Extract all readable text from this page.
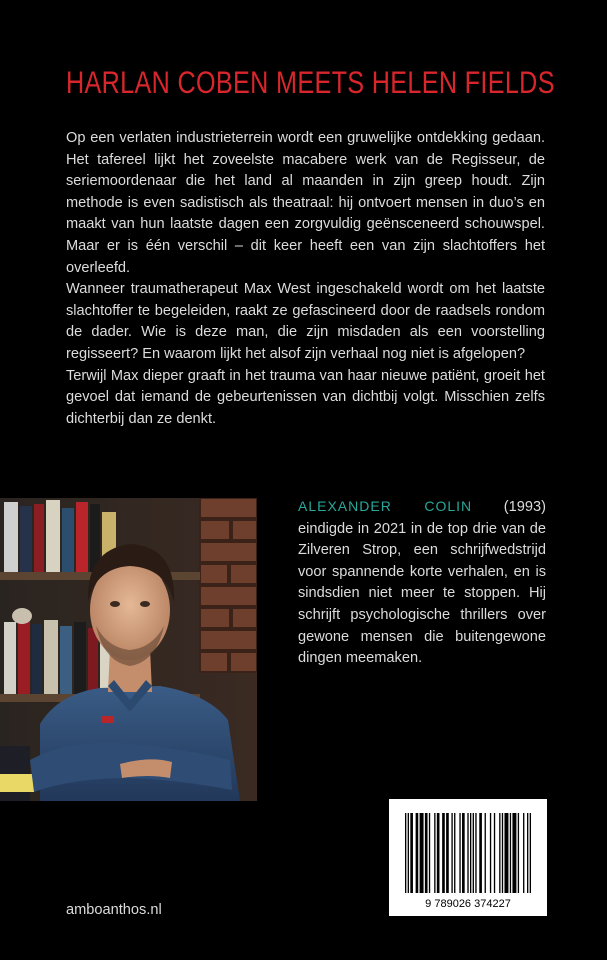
HARLAN COBEN MEETS HELEN FIELDS

Op een verlaten industrieterrein wordt een gruwelijke ontdekking gedaan. Het tafereel lijkt het zoveelste macabere werk van de Regisseur, de seriemoordenaar die het land al maanden in zijn greep houdt. Zijn methode is even sadistisch als theatraal: hij ontvoert mensen in duo’s en maakt van hun laatste dagen een zorgvuldig geënsceneerd schouwspel. Maar er is één verschil – dit keer heeft een van zijn slachtoffers het overleefd.

Wanneer traumatherapeut Max West ingeschakeld wordt om het laatste slachtoffer te begeleiden, raakt ze gefascineerd door de raadsels rondom de dader. Wie is deze man, die zijn misdaden als een voorstelling regisseert? En waarom lijkt het alsof zijn verhaal nog niet is afgelopen?

Terwijl Max dieper graaft in het trauma van haar nieuwe patiënt, groeit het gevoel dat iemand de gebeurtenissen van dichtbij volgt. Misschien zelfs dichterbij dan ze denkt.

ALEXANDER COLIN (1993) eindigde in 2021 in de top drie van de Zilveren Strop, een schrijfwedstrijd voor spannende korte verhalen, en is sindsdien niet meer te stoppen. Hij schrijft psychologische thrillers over gewone mensen die buitengewone dingen meemaken.
9 789026 374227
amboanthos.nl
